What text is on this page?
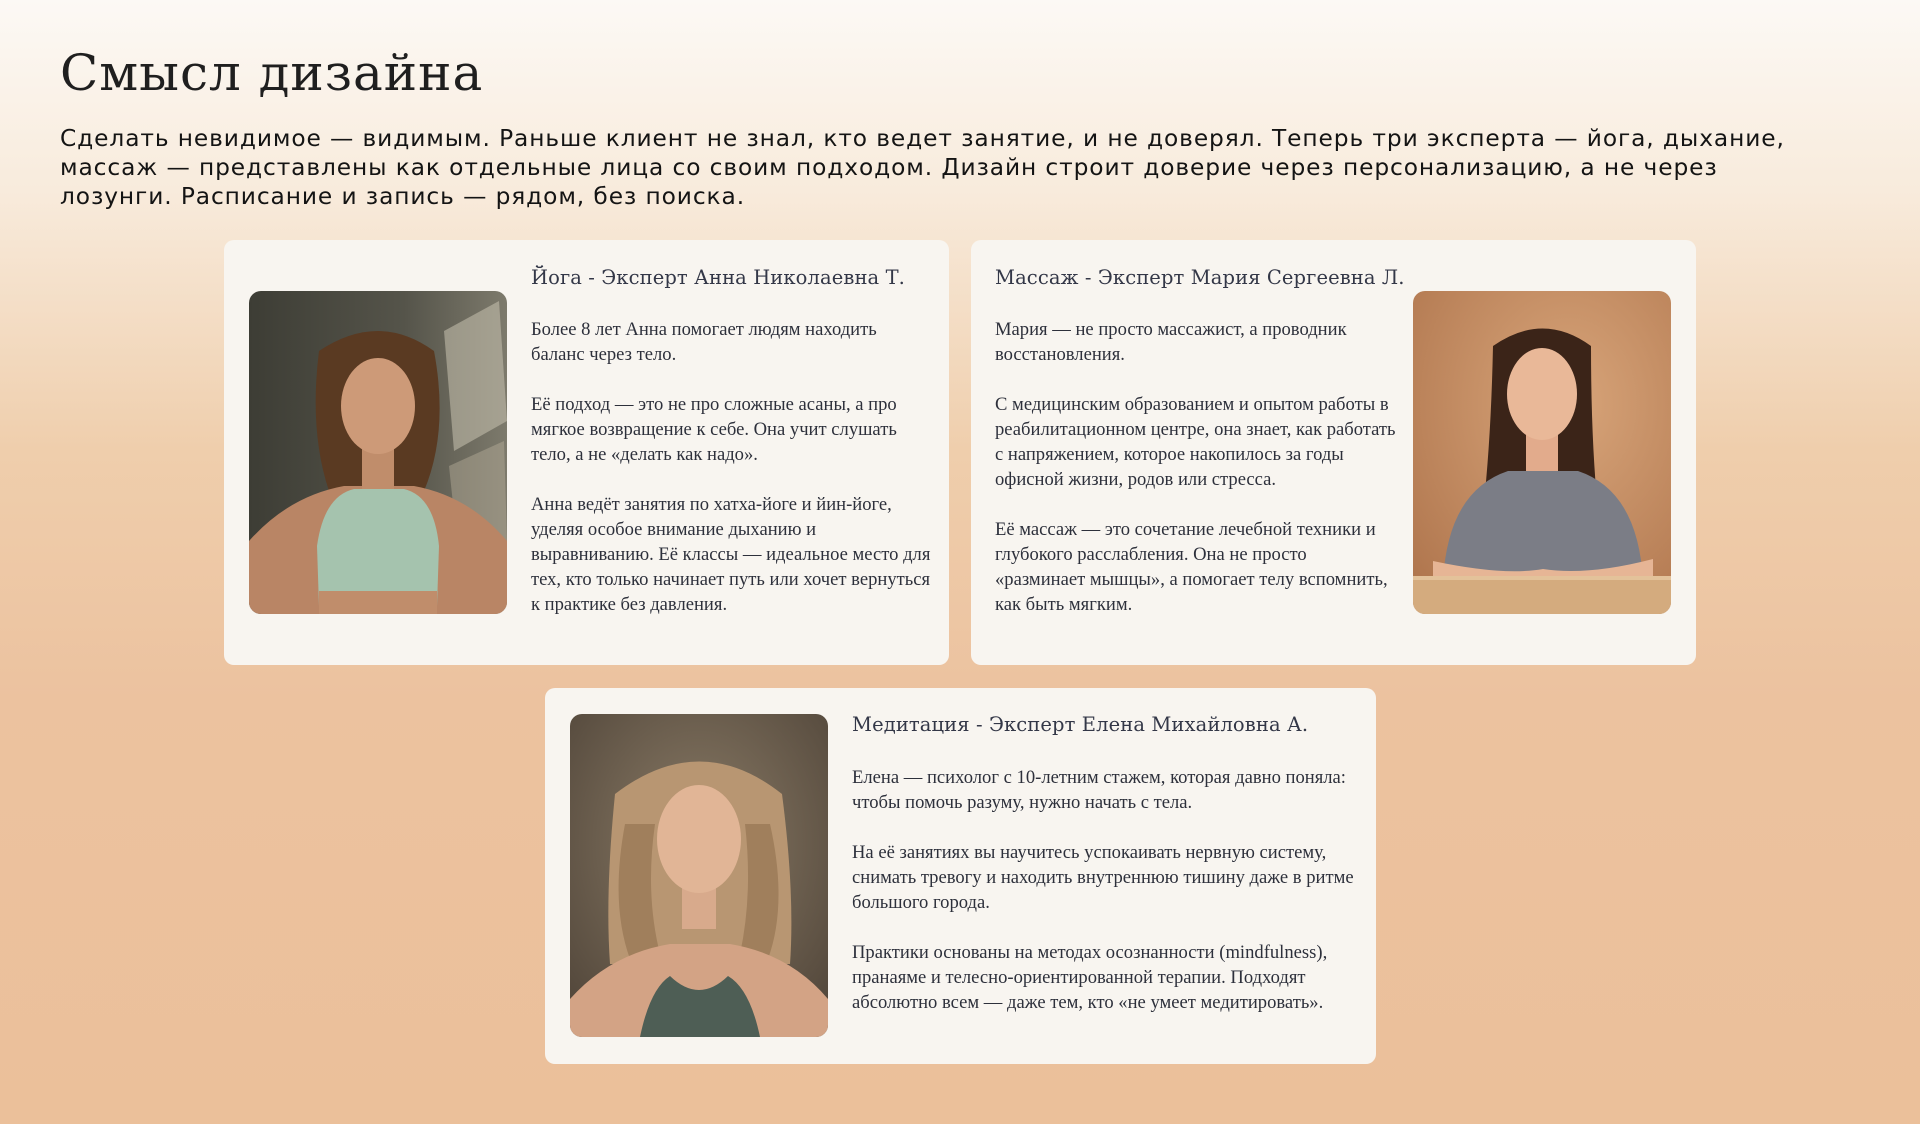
Смысл дизайна

Сделать невидимое — видимым. Раньше клиент не знал, кто ведет занятие, и не доверял. Теперь три эксперта — йога, дыхание, массаж — представлены как отдельные лица со своим подходом. Дизайн строит доверие через персонализацию, а не через лозунги. Расписание и запись — рядом, без поиска.

Йога - Эксперт Анна Николаевна Т.

Более 8 лет Анна помогает людям находить баланс через тело.

Её подход — это не про сложные асаны, а про мягкое возвращение к себе. Она учит слушать тело, а не «делать как надо».

Анна ведёт занятия по хатха-йоге и йин-йоге, уделяя особое внимание дыханию и выравниванию. Её классы — идеальное место для тех, кто только начинает путь или хочет вернуться к практике без давления.

Массаж - Эксперт Мария Сергеевна Л.

Мария — не просто массажист, а проводник восстановления.

С медицинским образованием и опытом работы в реабилитационном центре, она знает, как работать с напряжением, которое накопилось за годы офисной жизни, родов или стресса.

Её массаж — это сочетание лечебной техники и глубокого расслабления. Она не просто «разминает мышцы», а помогает телу вспомнить, как быть мягким.

Медитация - Эксперт Елена Михайловна А.

Елена — психолог с 10-летним стажем, которая давно поняла: чтобы помочь разуму, нужно начать с тела.

На её занятиях вы научитесь успокаивать нервную систему, снимать тревогу и находить внутреннюю тишину даже в ритме большого города.

Практики основаны на методах осознанности (mindfulness), пранаяме и телесно-ориентированной терапии. Подходят абсолютно всем — даже тем, кто «не умеет медитировать».
